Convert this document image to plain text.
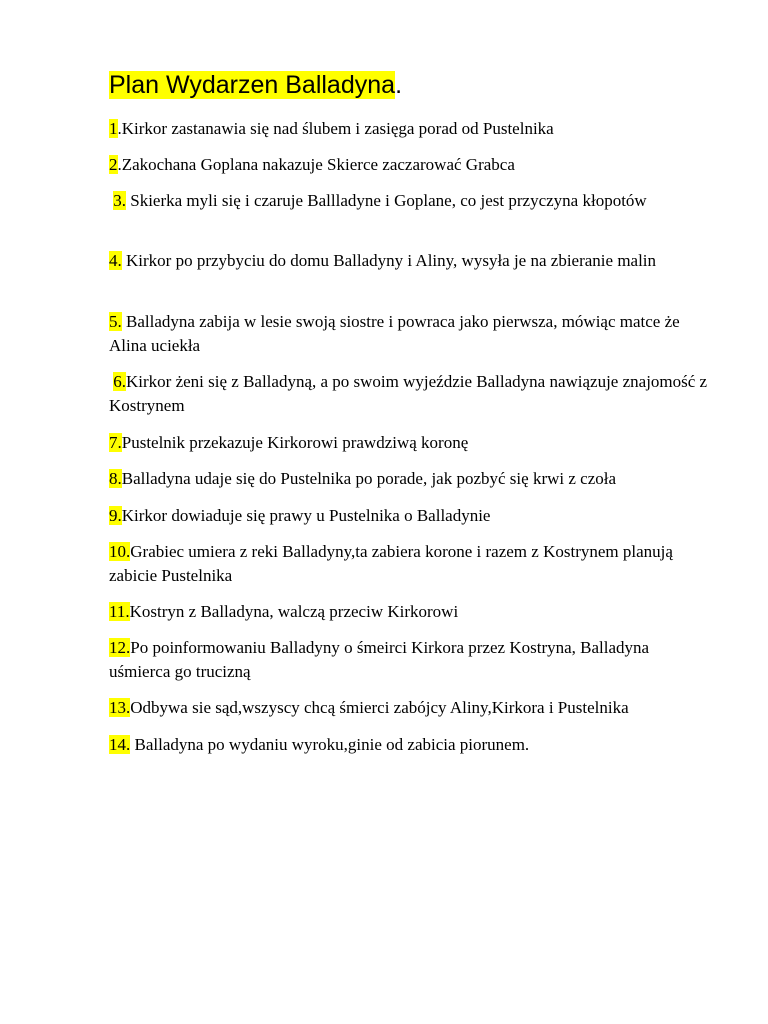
Plan Wydarzen Balladyna.

1.Kirkor zastanawia się nad ślubem i zasięga porad od Pustelnika

2.Zakochana Goplana nakazuje Skierce zaczarować Grabca

3. Skierka myli się i czaruje Ballladyne i Goplane, co jest przyczyna kłopotów

4. Kirkor po przybyciu do domu Balladyny i Aliny, wysyła je na zbieranie malin

5. Balladyna zabija w lesie swoją siostre i powraca jako pierwsza, mówiąc matce że Alina uciekła

6.Kirkor żeni się z Balladyną, a po swoim wyjeździe Balladyna nawiązuje znajomość z Kostrynem

7.Pustelnik przekazuje Kirkorowi prawdziwą koronę

8.Balladyna udaje się do Pustelnika po porade, jak pozbyć się krwi z czoła

9.Kirkor dowiaduje się prawy u Pustelnika o Balladynie

10.Grabiec umiera z reki Balladyny,ta zabiera korone i razem z Kostrynem planują zabicie Pustelnika

11.Kostryn z Balladyna, walczą przeciw Kirkorowi

12.Po poinformowaniu Balladyny o śmeirci Kirkora przez Kostryna, Balladyna uśmierca go trucizną

13.Odbywa sie sąd,wszyscy chcą śmierci zabójcy Aliny,Kirkora i Pustelnika

14. Balladyna po wydaniu wyroku,ginie od zabicia piorunem.
